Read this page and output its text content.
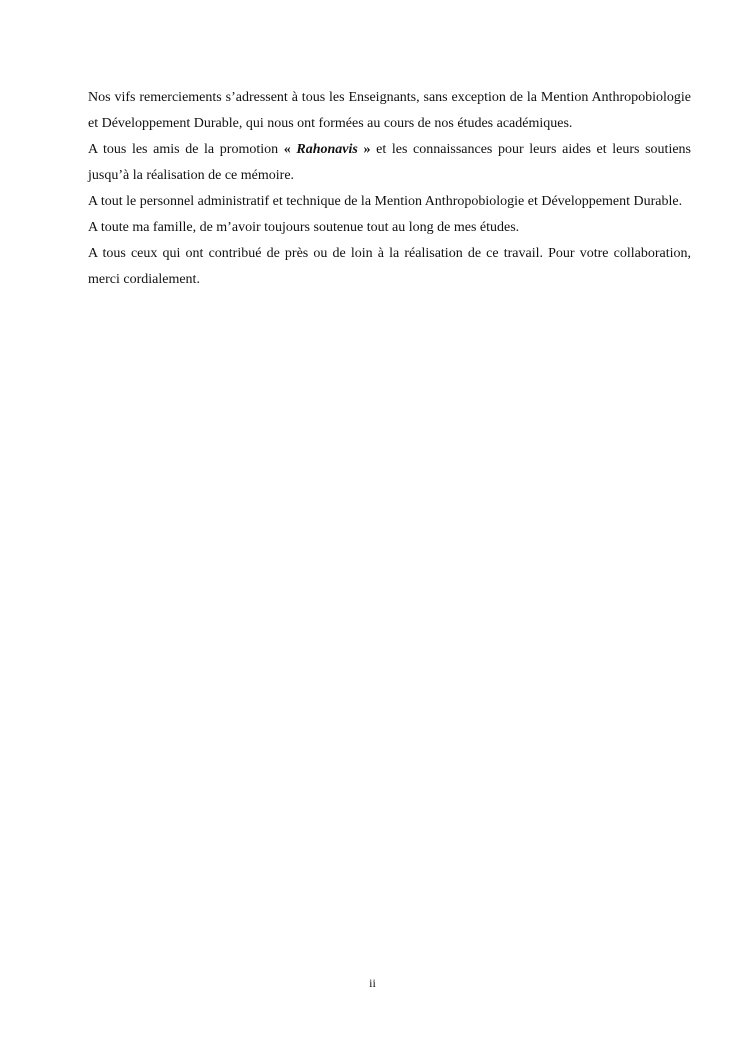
Nos vifs remerciements s’adressent à tous les Enseignants, sans exception de la Mention Anthropobiologie et Développement Durable, qui nous ont formées au cours de nos études académiques.

A tous les amis de la promotion « Rahonavis » et les connaissances pour leurs aides et leurs soutiens jusqu’à la réalisation de ce mémoire.

A tout le personnel administratif et technique de la Mention Anthropobiologie et Développement Durable.

A toute ma famille, de m’avoir toujours soutenue tout au long de mes études.

A tous ceux qui ont contribué de près ou de loin à la réalisation de ce travail. Pour votre collaboration, merci cordialement.

ii
